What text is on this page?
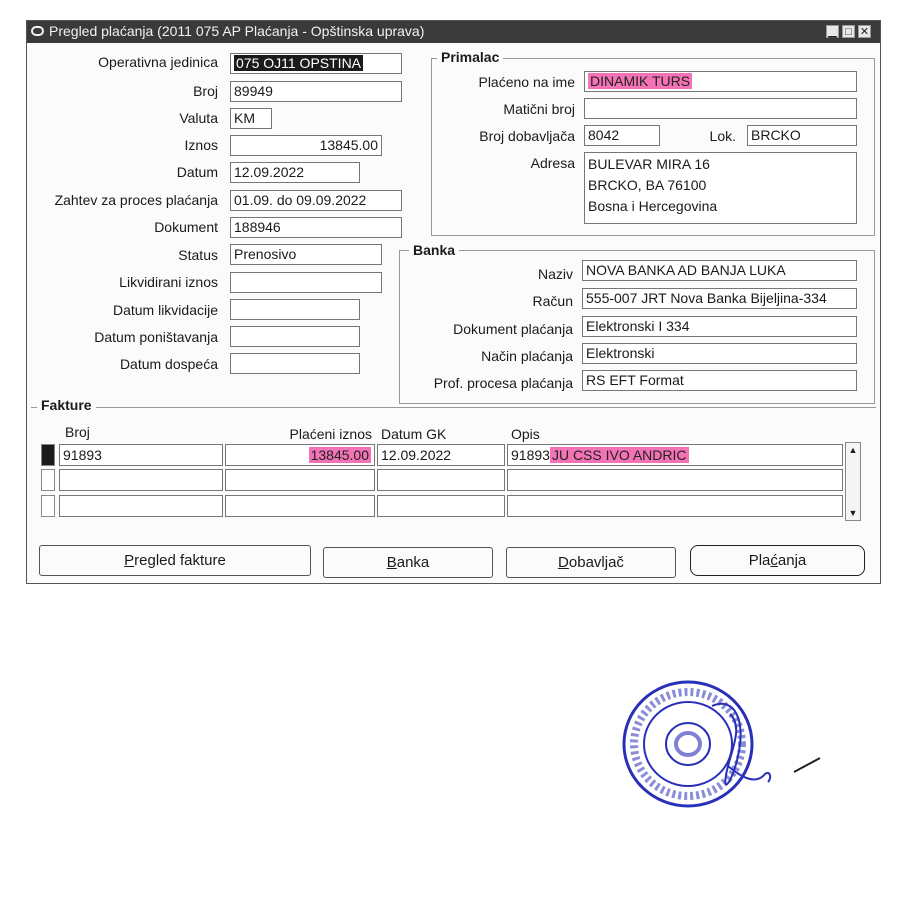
Pregled plaćanja (2011 075 AP Plaćanja - Opštinska uprava)	▁ □ ✕
Operativna jedinica	075 OJ11 OPSTINA
Broj 89949
Valuta KM
Iznos	13845.00
Datum 12.09.2022
Zahtev za proces plaćanja 01.09. do 09.09.2022
Dokument 188946
Status Prenosivo
Likvidirani iznos
Datum likvidacije
Datum poništavanja
Datum dospeća
Primalac
Plaćeno na ime	DINAMIK TURS
Matični broj
Broj dobavljača 8042	Lok. BRCKO
Adresa BULEVAR MIRA 16
BRCKO, BA 76100
Bosna i Hercegovina
Banka
Naziv NOVA BANKA AD BANJA LUKA
Račun 555-007 JRT Nova Banka Bijeljina-334
Dokument plaćanja Elektronski I 334
Način plaćanja Elektronski
Prof. procesa plaćanja RS EFT Format
Fakture
Broj	Plaćeni iznos Datum GK	Opis
91893	13845.00 12.09.2022	91893 JU CSS IVO ANDRIC	▲
▼
Pregled fakture	Banka	Dobavljač	Plaćanja
